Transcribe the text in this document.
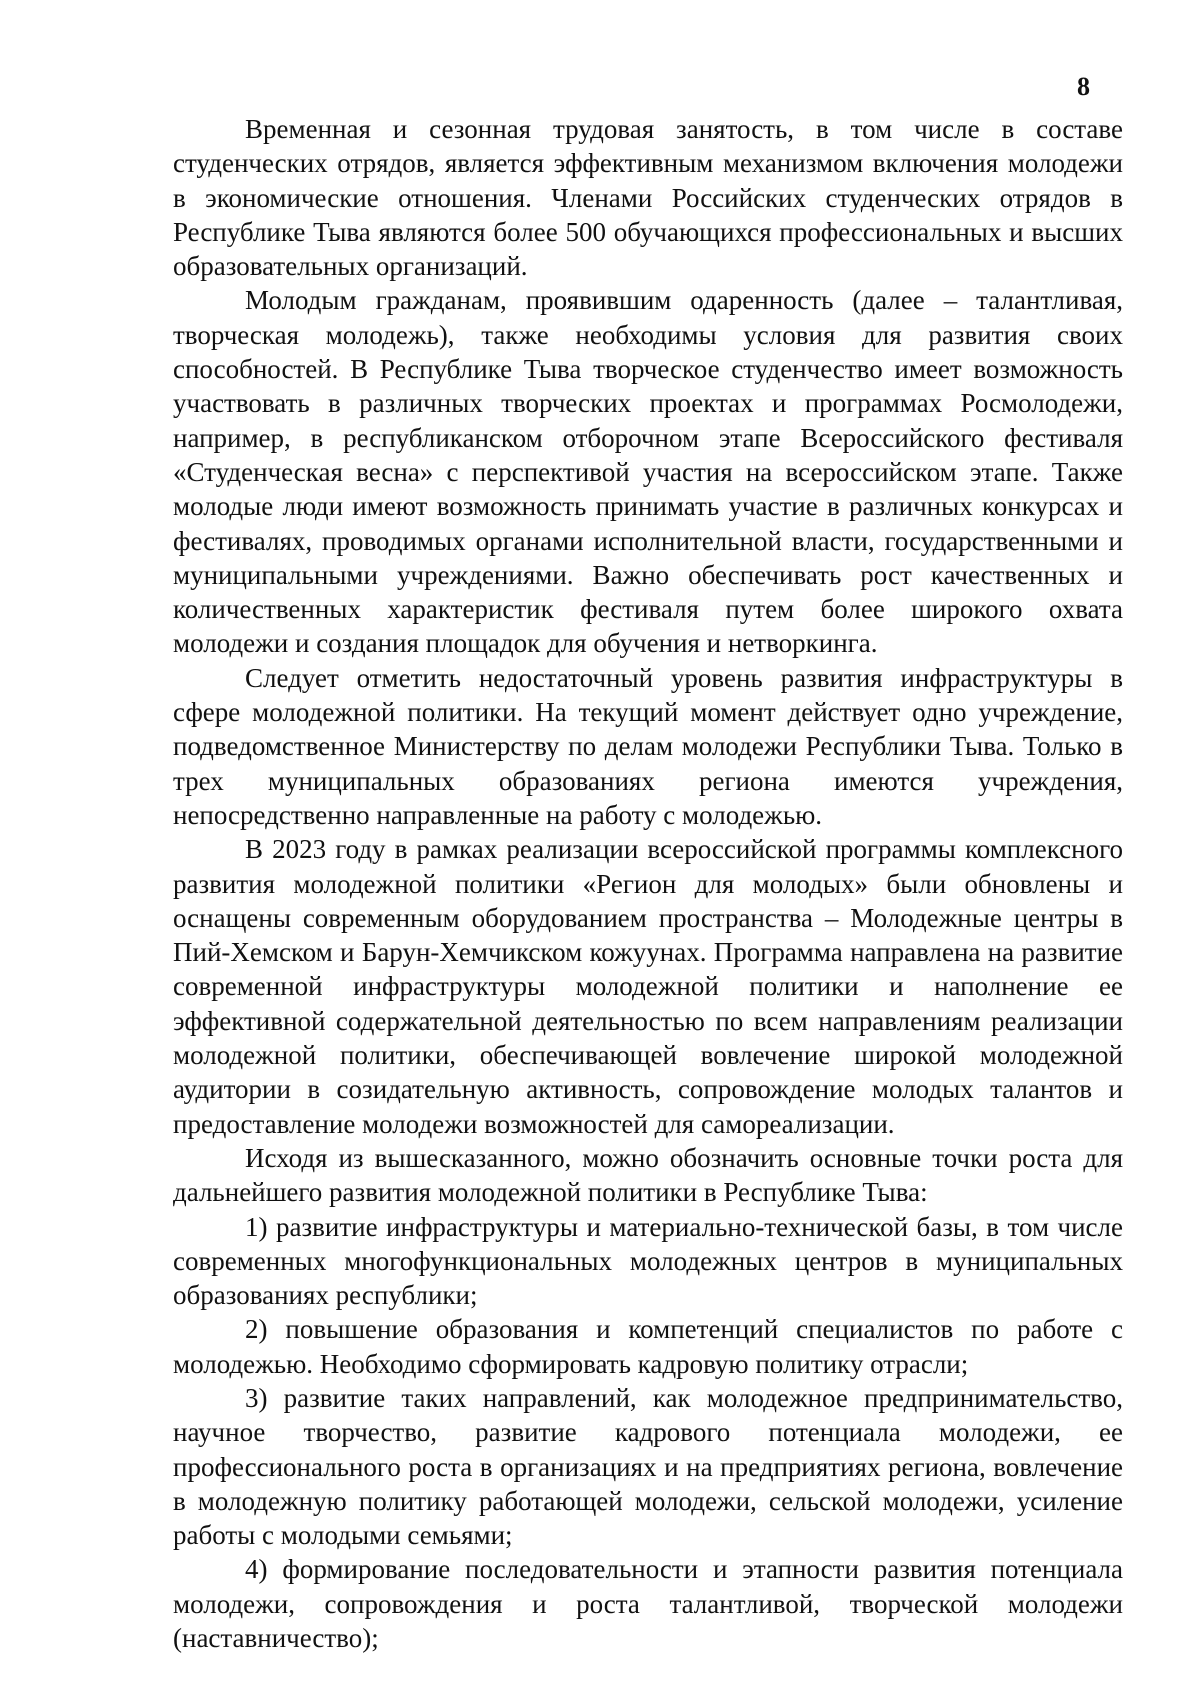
8

Временная и сезонная трудовая занятость, в том числе в составе студенческих отрядов, является эффективным механизмом включения молодежи в экономические отношения. Членами Российских студенческих отрядов в Республике Тыва являются более 500 обучающихся профессиональных и высших образовательных организаций.

Молодым гражданам, проявившим одаренность (далее – талантливая, творческая молодежь), также необходимы условия для развития своих способностей. В Республике Тыва творческое студенчество имеет возможность участвовать в различных творческих проектах и программах Росмолодежи, например, в республиканском отборочном этапе Всероссийского фестиваля «Студенческая весна» с перспективой участия на всероссийском этапе. Также молодые люди имеют возможность принимать участие в различных конкурсах и фестивалях, проводимых органами исполнительной власти, государственными и муниципальными учреждениями. Важно обеспечивать рост качественных и количественных характеристик фестиваля путем более широкого охвата молодежи и создания площадок для обучения и нетворкинга.

Следует отметить недостаточный уровень развития инфраструктуры в сфере молодежной политики. На текущий момент действует одно учреждение, подведомственное Министерству по делам молодежи Республики Тыва. Только в трех муниципальных образованиях региона имеются учреждения, непосредственно направленные на работу с молодежью.

В 2023 году в рамках реализации всероссийской программы комплексного развития молодежной политики «Регион для молодых» были обновлены и оснащены современным оборудованием пространства – Молодежные центры в Пий-Хемском и Барун-Хемчикском кожуунах. Программа направлена на развитие современной инфраструктуры молодежной политики и наполнение ее эффективной содержательной деятельностью по всем направлениям реализации молодежной политики, обеспечивающей вовлечение широкой молодежной аудитории в созидательную активность, сопровождение молодых талантов и предоставление молодежи возможностей для самореализации.

Исходя из вышесказанного, можно обозначить основные точки роста для дальнейшего развития молодежной политики в Республике Тыва:

1) развитие инфраструктуры и материально-технической базы, в том числе современных многофункциональных молодежных центров в муниципальных образованиях республики;

2) повышение образования и компетенций специалистов по работе с молодежью. Необходимо сформировать кадровую политику отрасли;

3) развитие таких направлений, как молодежное предпринимательство, научное творчество, развитие кадрового потенциала молодежи, ее профессионального роста в организациях и на предприятиях региона, вовлечение в молодежную политику работающей молодежи, сельской молодежи, усиление работы с молодыми семьями;

4) формирование последовательности и этапности развития потенциала молодежи, сопровождения и роста талантливой, творческой молодежи (наставничество);
